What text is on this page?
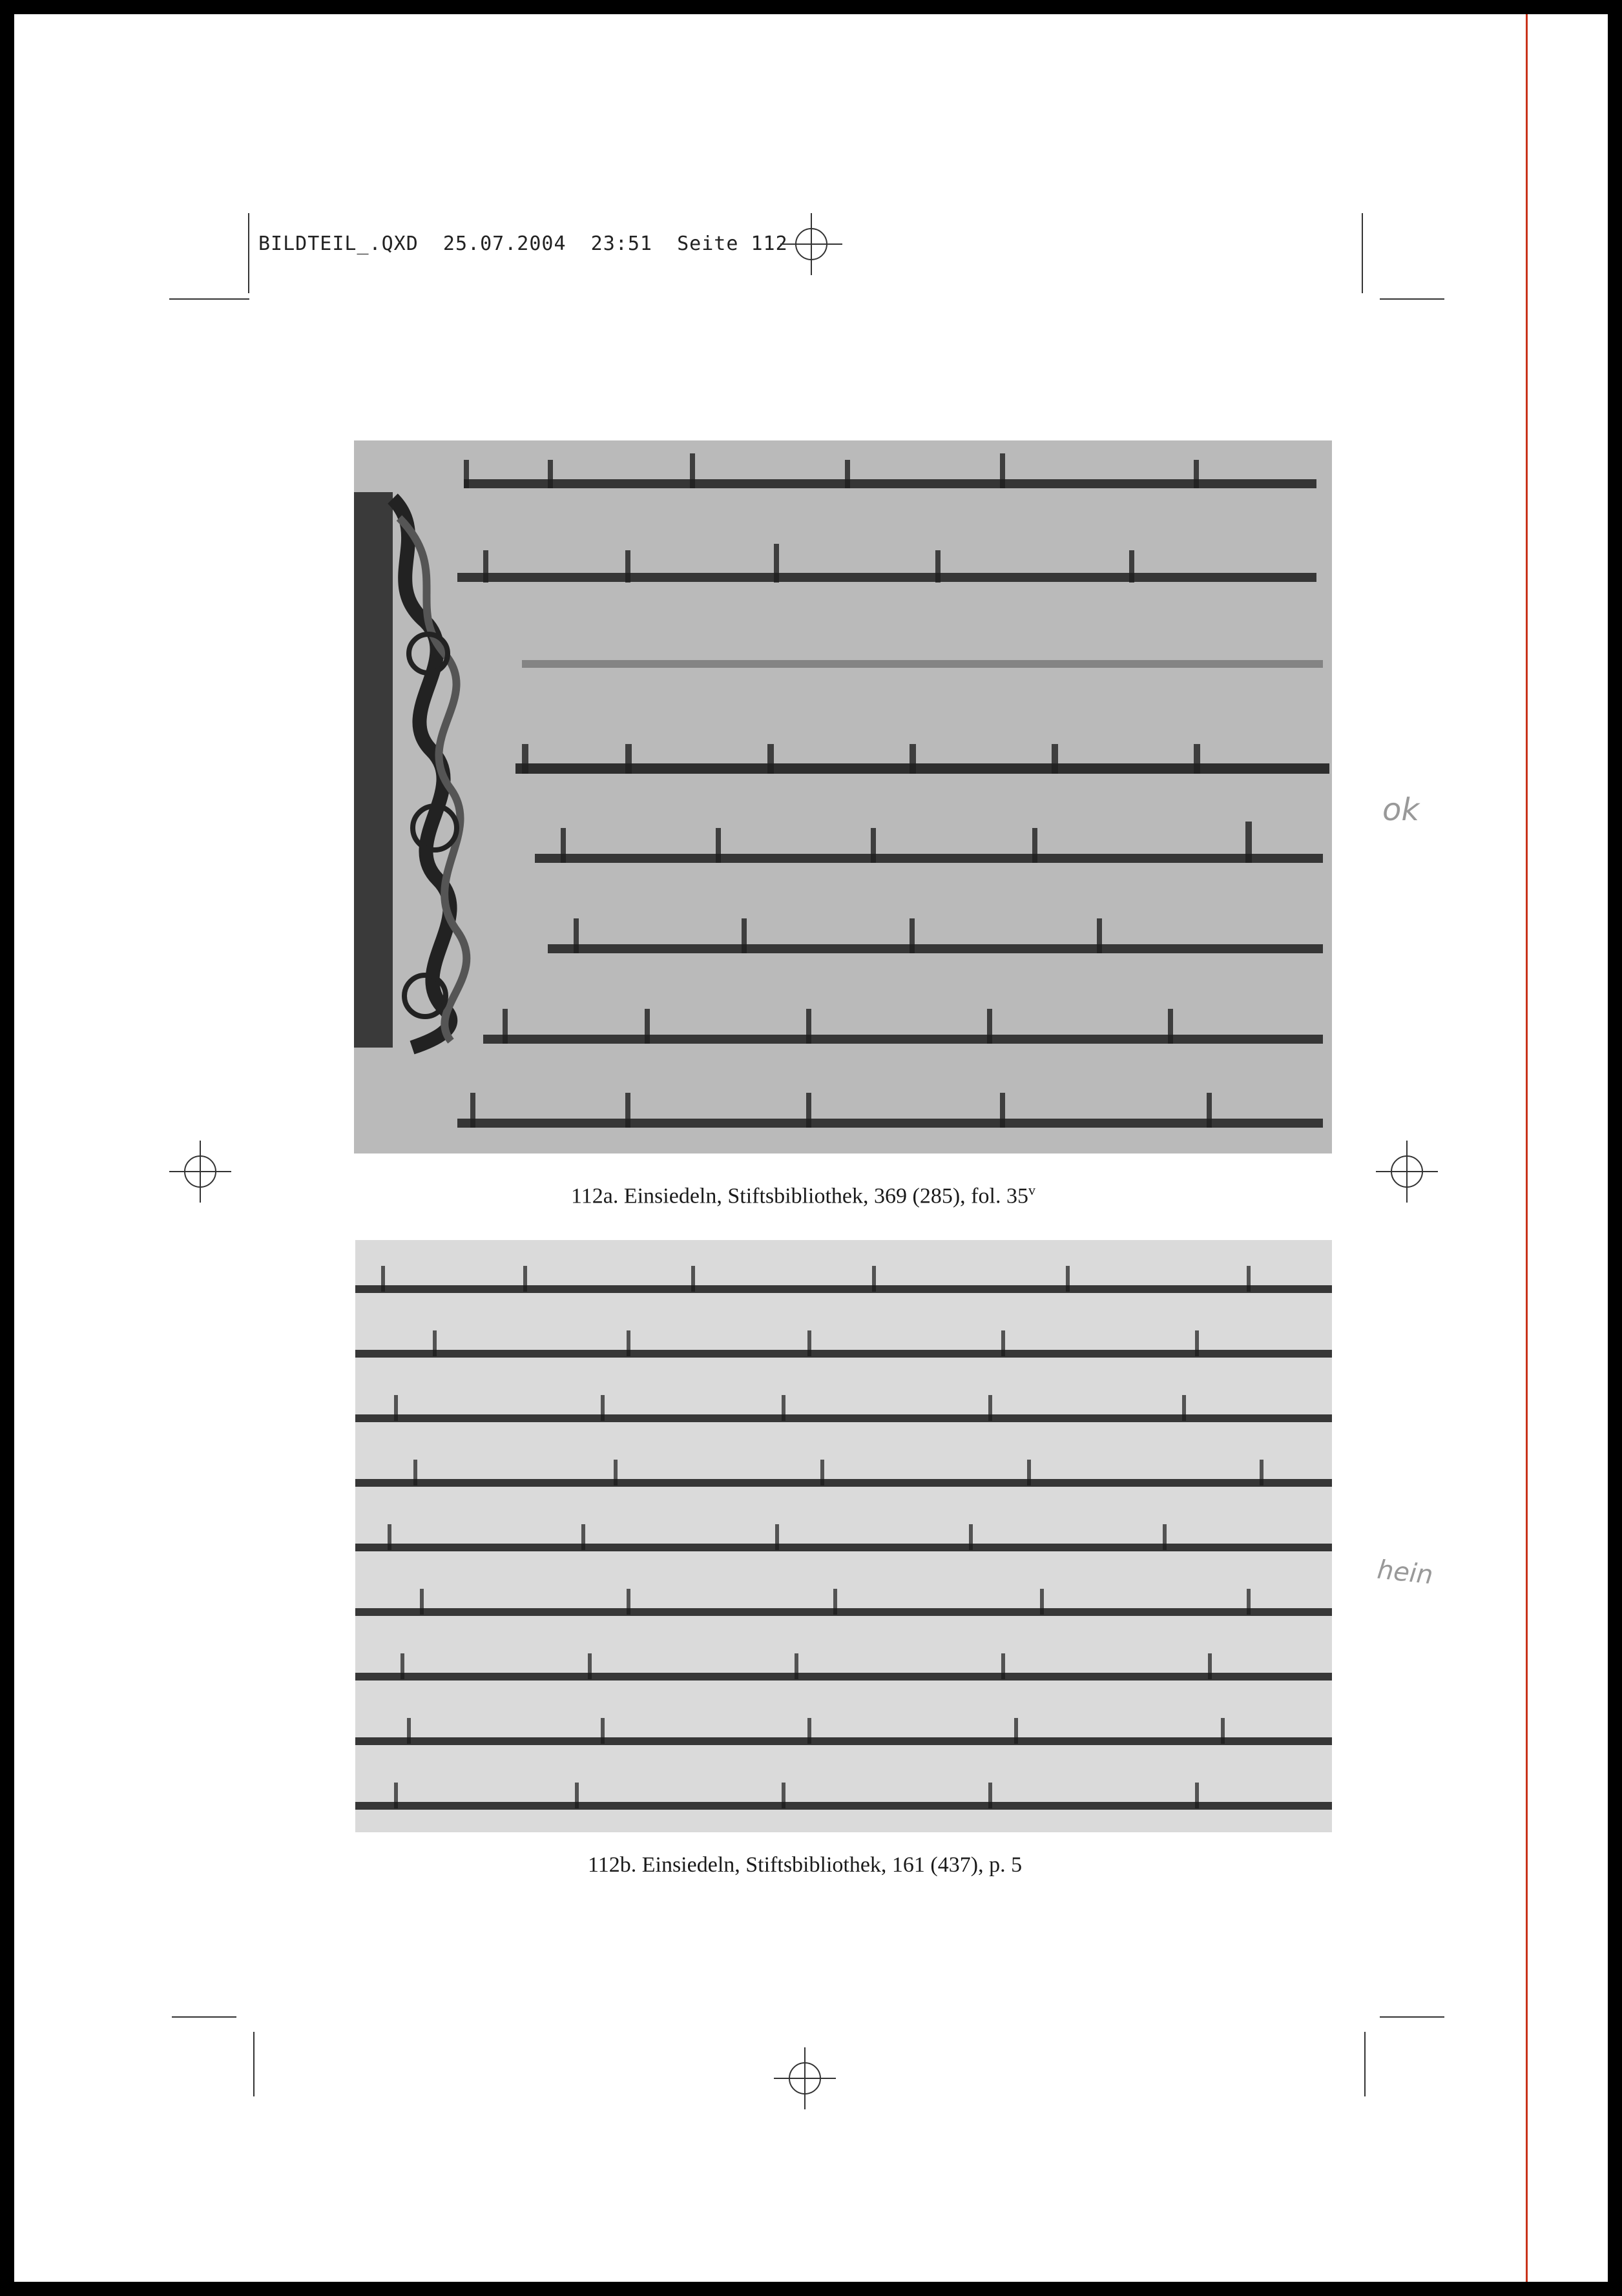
BILDTEIL_.QXD  25.07.2004  23:51  Seite 112
112a. Einsiedeln, Stiftsbibliothek, 369 (285), fol. 35$^v$
112b. Einsiedeln, Stiftsbibliothek, 161 (437), p. 5
ok
hein
